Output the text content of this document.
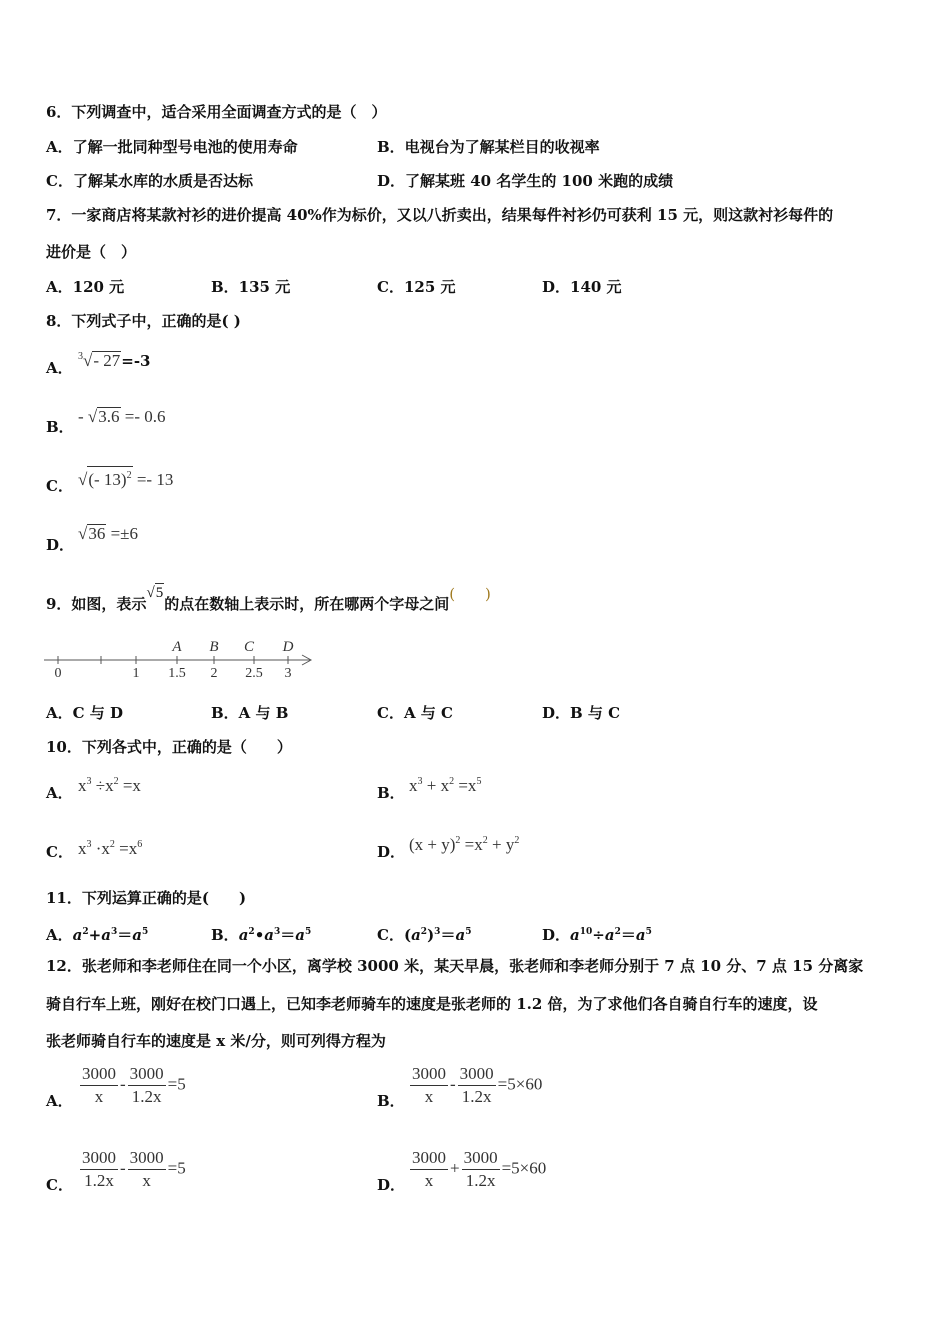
6．下列调查中，适合采用全面调查方式的是（　）
A．了解一批同种型号电池的使用寿命	B．电视台为了解某栏目的收视率
C．了解某水库的水质是否达标	D．了解某班 40 名学生的 100 米跑的成绩
7．一家商店将某款衬衫的进价提高 40%作为标价，又以八折卖出，结果每件衬衫仍可获利 15 元，则这款衬衫每件的
进价是（　）
A．120 元	B．135 元	C．125 元	D．140 元
8．下列式子中，正确的是( )
A．
$^3$√- 27=-3
B．
- √3.6 =- 0.6
C． √(- 13)$^2$ =- 13
D．
√36 =±6
9．如图，表示√5的点在数轴上表示时，所在哪两个字母之间(　　)
0	1 1.5 2 2.5 3
A B C D
A．C 与 D	B．A 与 B	C．A 与 C	D．B 与 C
10．下列各式中，正确的是（　　）
A． $x^3 \div x^2 =x$	B． $x^3 + x^2 =x^5$
C． $x^3 \cdot x^2 =x^6$	D． $(x + y)^2 =x^2 + y^2$
11．下列运算正确的是(　　)
A．$a^2+a^3=a^5$	B．$a^2•a^3=a^5$	C．$(a^2)^3=a^5$	D．$a^{10}\div a^2=a^5$
12．张老师和李老师住在同一个小区，离学校 3000 米，某天早晨，张老师和李老师分别于 7 点 10 分、7 点 15 分离家
骑自行车上班，刚好在校门口遇上，已知李老师骑车的速度是张老师的 1.2 倍，为了求他们各自骑自行车的速度，设
张老师骑自行车的速度是 x 米/分，则可列得方程为
A． $\frac{3000}{x} - \frac{3000}{1.2x} =5$
B． $\frac{3000}{x} - \frac{3000}{1.2x} =5\times 60$
C． $\frac{3000}{1.2x} - \frac{3000}{x} =5$
D． $\frac{3000}{x} + \frac{3000}{1.2x} =5\times 60$
